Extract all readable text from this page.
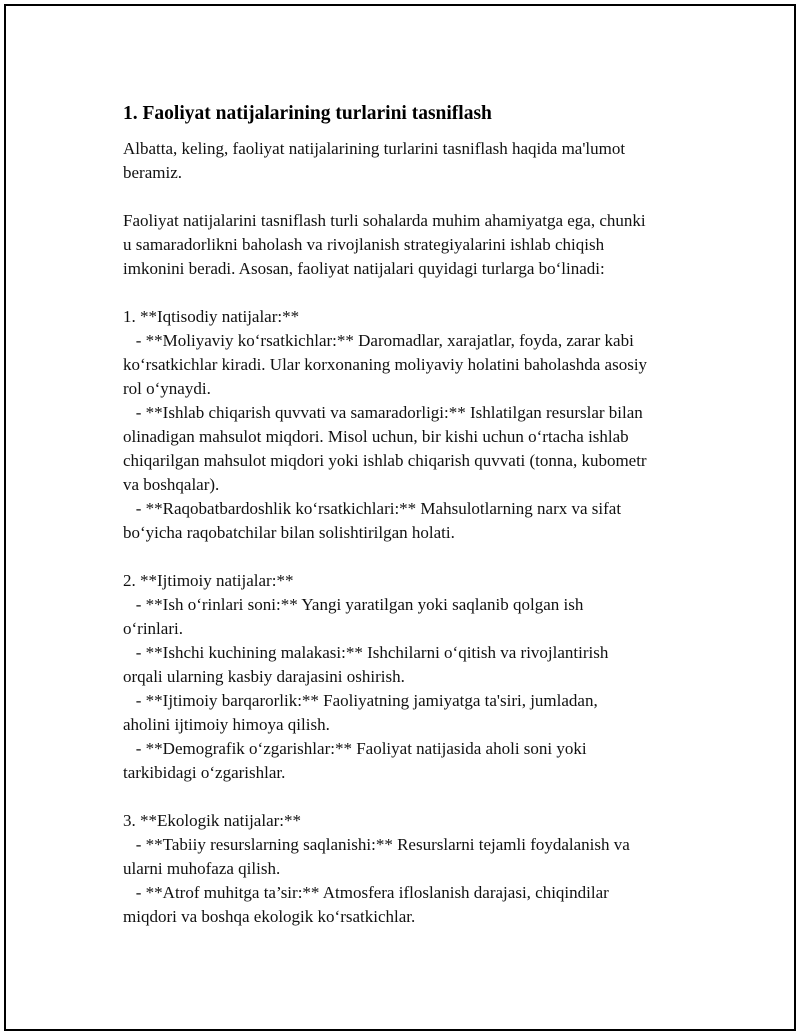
1. Faoliyat natijalarining turlarini tasniflash

Albatta, keling, faoliyat natijalarining turlarini tasniflash haqida ma'lumot
beramiz.

Faoliyat natijalarini tasniflash turli sohalarda muhim ahamiyatga ega, chunki
u samaradorlikni baholash va rivojlanish strategiyalarini ishlab chiqish
imkonini beradi. Asosan, faoliyat natijalari quyidagi turlarga bo‘linadi:

1. **Iqtisodiy natijalar:**
- **Moliyaviy ko‘rsatkichlar:** Daromadlar, xarajatlar, foyda, zarar kabi
ko‘rsatkichlar kiradi. Ular korxonaning moliyaviy holatini baholashda asosiy
rol o‘ynaydi.
- **Ishlab chiqarish quvvati va samaradorligi:** Ishlatilgan resurslar bilan
olinadigan mahsulot miqdori. Misol uchun, bir kishi uchun o‘rtacha ishlab
chiqarilgan mahsulot miqdori yoki ishlab chiqarish quvvati (tonna, kubometr
va boshqalar).
- **Raqobatbardoshlik ko‘rsatkichlari:** Mahsulotlarning narx va sifat
bo‘yicha raqobatchilar bilan solishtirilgan holati.

2. **Ijtimoiy natijalar:**
- **Ish o‘rinlari soni:** Yangi yaratilgan yoki saqlanib qolgan ish
o‘rinlari.
- **Ishchi kuchining malakasi:** Ishchilarni o‘qitish va rivojlantirish
orqali ularning kasbiy darajasini oshirish.
- **Ijtimoiy barqarorlik:** Faoliyatning jamiyatga ta'siri, jumladan,
aholini ijtimoiy himoya qilish.
- **Demografik o‘zgarishlar:** Faoliyat natijasida aholi soni yoki
tarkibidagi o‘zgarishlar.

3. **Ekologik natijalar:**
- **Tabiiy resurslarning saqlanishi:** Resurslarni tejamli foydalanish va
ularni muhofaza qilish.
- **Atrof muhitga ta’sir:** Atmosfera ifloslanish darajasi, chiqindilar
miqdori va boshqa ekologik ko‘rsatkichlar.
